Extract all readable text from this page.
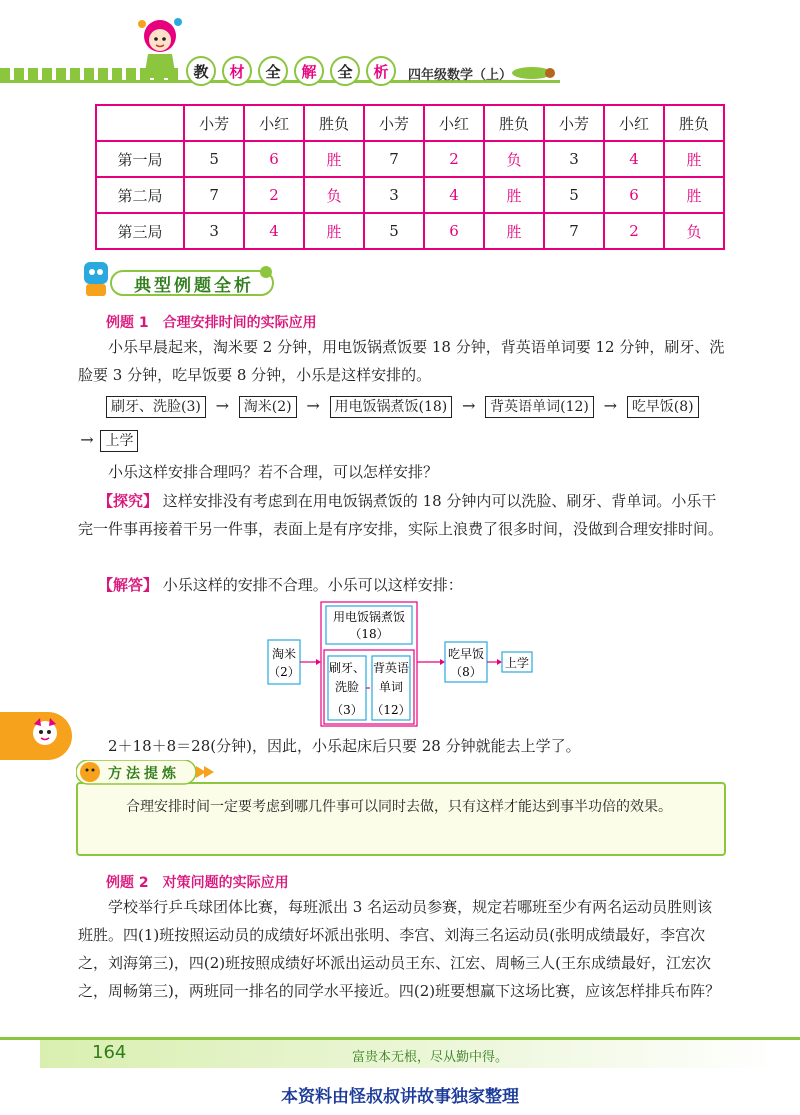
教	材	全	解	全	析	四年级数学（上）
	小芳	小红	胜负	小芳	小红	胜负	小芳	小红	胜负
第一局	5	6	胜	7	2	负	3	4	胜
第二局	7	2	负	3	4	胜	5	6	胜
第三局	3	4	胜	5	6	胜	7	2	负
典型例题全析
例题 1　合理安排时间的实际应用
小乐早晨起来，淘米要 2 分钟，用电饭锅煮饭要 18 分钟，背英语单词要 12 分钟，刷牙、洗脸要 3 分钟，吃早饭要 8 分钟，小乐是这样安排的。
刷牙、洗脸(3) → 淘米(2) → 用电饭锅煮饭(18) → 背英语单词(12) → 吃早饭(8)
→ 上学
小乐这样安排合理吗？若不合理，可以怎样安排？
【探究】 这样安排没有考虑到在用电饭锅煮饭的 18 分钟内可以洗脸、刷牙、背单词。小乐干完一件事再接着干另一件事，表面上是有序安排，实际上浪费了很多时间，没做到合理安排时间。
【解答】 小乐这样的安排不合理。小乐可以这样安排：
淘米
（2）
用电饭锅煮饭
（18）
刷牙、
洗脸
（3）
背英语
单词
（12）
吃早饭
（8）
上学
2＋18＋8＝28(分钟)，因此，小乐起床后只要 28 分钟就能去上学了。
合理安排时间一定要考虑到哪几件事可以同时去做，只有这样才能达到事半功倍的效果。
方法提炼
例题 2　对策问题的实际应用
学校举行乒乓球团体比赛，每班派出 3 名运动员参赛，规定若哪班至少有两名运动员胜则该班胜。四(1)班按照运动员的成绩好坏派出张明、李宫、刘海三名运动员(张明成绩最好，李宫次之，刘海第三)，四(2)班按照成绩好坏派出运动员王东、江宏、周畅三人(王东成绩最好，江宏次之，周畅第三)，两班同一排名的同学水平接近。四(2)班要想赢下这场比赛，应该怎样排兵布阵？
164	富贵本无根，尽从勤中得。
本资料由怪叔叔讲故事独家整理
